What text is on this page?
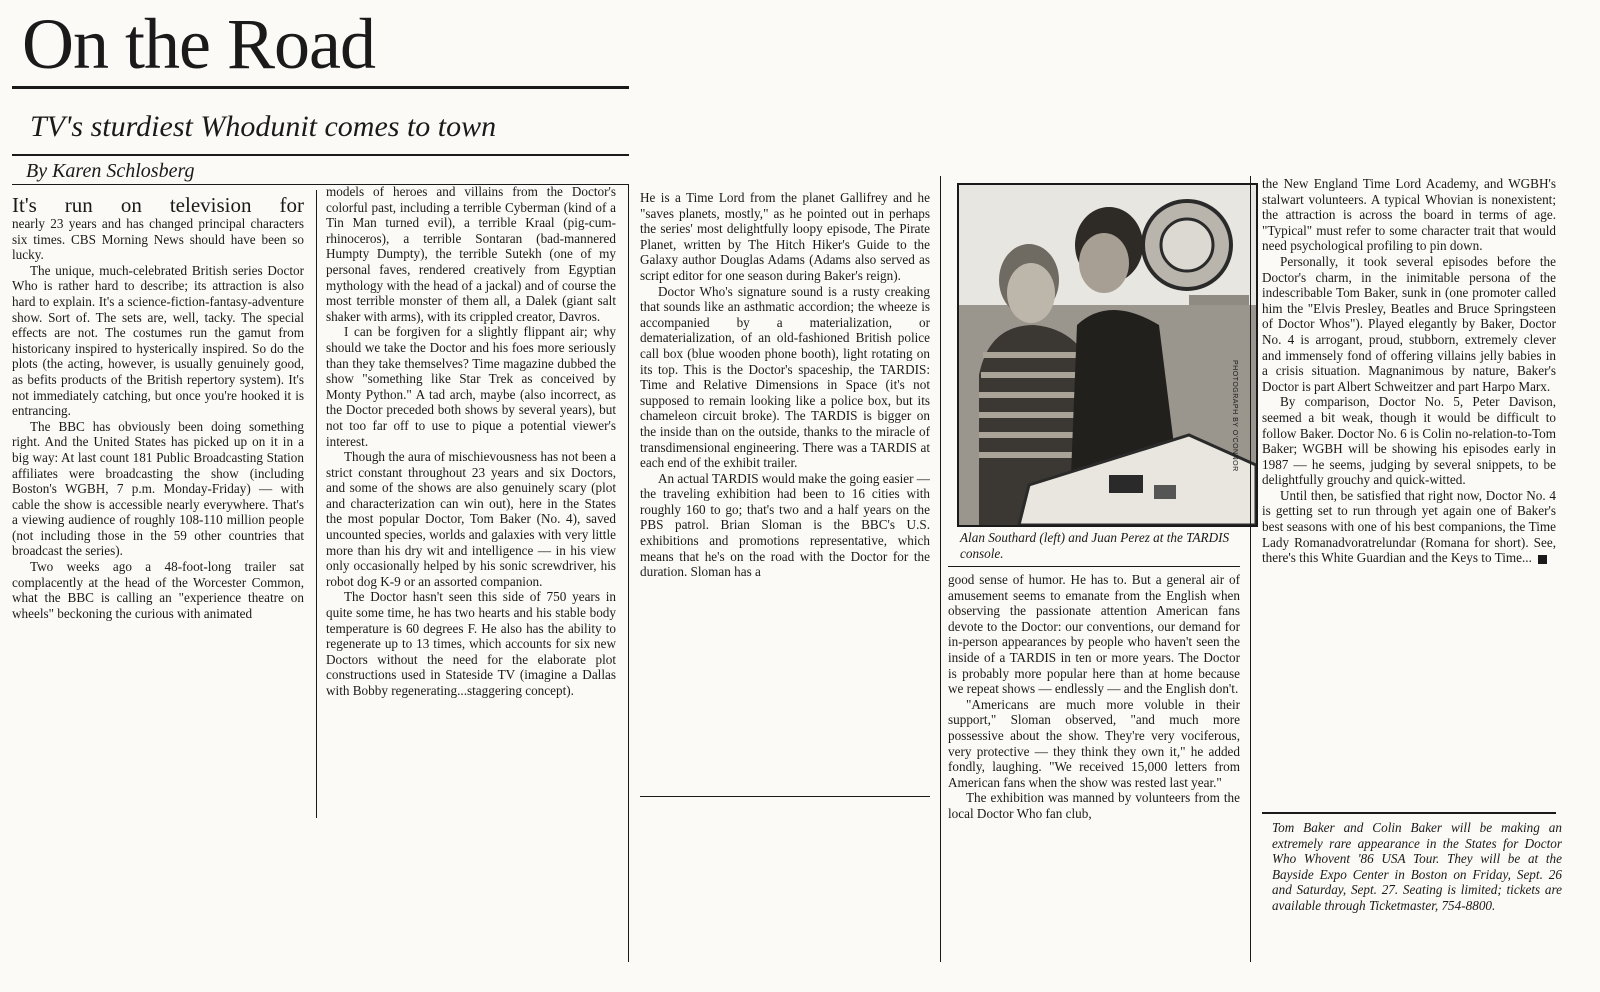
On the Road
TV's sturdiest Whodunit comes to town
By Karen Schlosberg

It's run on television for
nearly 23 years and has changed principal characters six times. CBS Morning News should have been so lucky.

The unique, much-celebrated British series Doctor Who is rather hard to describe; its attraction is also hard to explain. It's a science-fiction-fantasy-adventure show. Sort of. The sets are, well, tacky. The special effects are not. The costumes run the gamut from historicany inspired to hysterically inspired. So do the plots (the acting, however, is usually genuinely good, as befits products of the British repertory system). It's not immediately catching, but once you're hooked it is entrancing.

The BBC has obviously been doing something right. And the United States has picked up on it in a big way: At last count 181 Public Broadcasting Station affiliates were broadcasting the show (including Boston's WGBH, 7 p.m. Monday-Friday) — with cable the show is accessible nearly everywhere. That's a viewing audience of roughly 108-110 million people (not including those in the 59 other countries that broadcast the series).

Two weeks ago a 48-foot-long trailer sat complacently at the head of the Worcester Common, what the BBC is calling an "experience theatre on wheels" beckoning the curious with animated

models of heroes and villains from the Doctor's colorful past, including a terrible Cyberman (kind of a Tin Man turned evil), a terrible Kraal (pig-cum-rhinoceros), a terrible Sontaran (bad-mannered Humpty Dumpty), the terrible Sutekh (one of my personal faves, rendered creatively from Egyptian mythology with the head of a jackal) and of course the most terrible monster of them all, a Dalek (giant salt shaker with arms), with its crippled creator, Davros.

I can be forgiven for a slightly flippant air; why should we take the Doctor and his foes more seriously than they take themselves? Time magazine dubbed the show "something like Star Trek as conceived by Monty Python." A tad arch, maybe (also incorrect, as the Doctor preceded both shows by several years), but not too far off to use to pique a potential viewer's interest.

Though the aura of mischievousness has not been a strict constant throughout 23 years and six Doctors, and some of the shows are also genuinely scary (plot and characterization can win out), here in the States the most popular Doctor, Tom Baker (No. 4), saved uncounted species, worlds and galaxies with very little more than his dry wit and intelligence — in his view only occasionally helped by his sonic screwdriver, his robot dog K-9 or an assorted companion.

The Doctor hasn't seen this side of 750 years in quite some time, he has two hearts and his stable body temperature is 60 degrees F. He also has the ability to regenerate up to 13 times, which accounts for six new Doctors without the need for the elaborate plot constructions used in Stateside TV (imagine a Dallas with Bobby regenerating...staggering concept).

He is a Time Lord from the planet Gallifrey and he "saves planets, mostly," as he pointed out in perhaps the series' most delightfully loopy episode, The Pirate Planet, written by The Hitch Hiker's Guide to the Galaxy author Douglas Adams (Adams also served as script editor for one season during Baker's reign).

Doctor Who's signature sound is a rusty creaking that sounds like an asthmatic accordion; the wheeze is accompanied by a materialization, or dematerialization, of an old-fashioned British police call box (blue wooden phone booth), light rotating on its top. This is the Doctor's spaceship, the TARDIS: Time and Relative Dimensions in Space (it's not supposed to remain looking like a police box, but its chameleon circuit broke). The TARDIS is bigger on the inside than on the outside, thanks to the miracle of transdimensional engineering. There was a TARDIS at each end of the exhibit trailer.

An actual TARDIS would make the going easier — the traveling exhibition had been to 16 cities with roughly 160 to go; that's two and a half years on the PBS patrol. Brian Sloman is the BBC's U.S. exhibitions and promotions representative, which means that he's on the road with the Doctor for the duration. Sloman has a

PHOTOGRAPH BY O'CONNOR
Alan Southard (left) and Juan Perez at the TARDIS console.

good sense of humor. He has to. But a general air of amusement seems to emanate from the English when observing the passionate attention American fans devote to the Doctor: our conventions, our demand for in-person appearances by people who haven't seen the inside of a TARDIS in ten or more years. The Doctor is probably more popular here than at home because we repeat shows — endlessly — and the English don't.

"Americans are much more voluble in their support," Sloman observed, "and much more possessive about the show. They're very vociferous, very protective — they think they own it," he added fondly, laughing. "We received 15,000 letters from American fans when the show was rested last year."

The exhibition was manned by volunteers from the local Doctor Who fan club,

the New England Time Lord Academy, and WGBH's stalwart volunteers. A typical Whovian is nonexistent; the attraction is across the board in terms of age. "Typical" must refer to some character trait that would need psychological profiling to pin down.

Personally, it took several episodes before the Doctor's charm, in the inimitable persona of the indescribable Tom Baker, sunk in (one promoter called him the "Elvis Presley, Beatles and Bruce Springsteen of Doctor Whos"). Played elegantly by Baker, Doctor No. 4 is arrogant, proud, stubborn, extremely clever and immensely fond of offering villains jelly babies in a crisis situation. Magnanimous by nature, Baker's Doctor is part Albert Schweitzer and part Harpo Marx.

By comparison, Doctor No. 5, Peter Davison, seemed a bit weak, though it would be difficult to follow Baker. Doctor No. 6 is Colin no-relation-to-Tom Baker; WGBH will be showing his episodes early in 1987 — he seems, judging by several snippets, to be delightfully grouchy and quick-witted.

Until then, be satisfied that right now, Doctor No. 4 is getting set to run through yet again one of Baker's best seasons with one of his best companions, the Time Lady Romanadvoratrelundar (Romana for short). See, there's this White Guardian and the Keys to Time...

Tom Baker and Colin Baker will be making an extremely rare appearance in the States for Doctor Who Whovent '86 USA Tour. They will be at the Bayside Expo Center in Boston on Friday, Sept. 26 and Saturday, Sept. 27. Seating is limited; tickets are available through Ticketmaster, 754-8800.
